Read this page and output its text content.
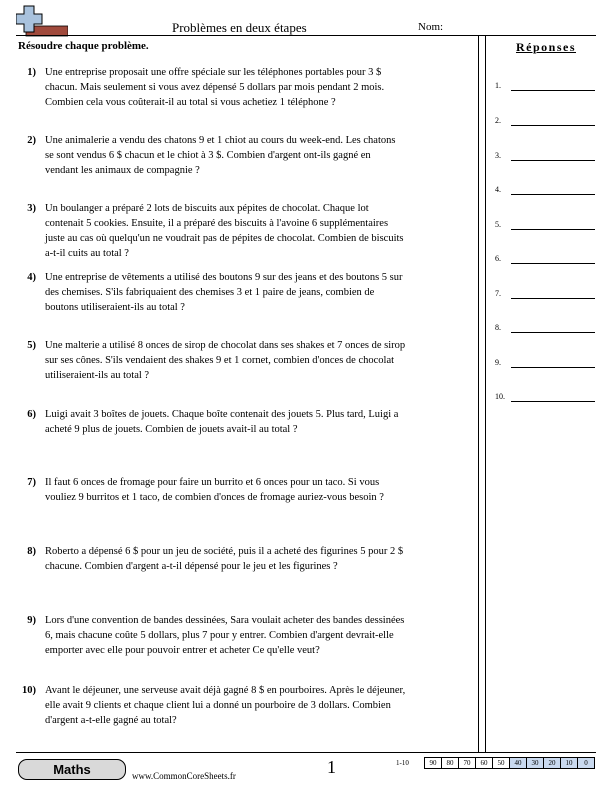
Problèmes en deux étapes	Nom:
Résoudre chaque problème.
1) Une entreprise proposait une offre spéciale sur les téléphones portables pour 3 $ chacun. Mais seulement si vous avez dépensé 5 dollars par mois pendant 2 mois. Combien cela vous coûterait-il au total si vous achetiez 1 téléphone ?
2) Une animalerie a vendu des chatons 9 et 1 chiot au cours du week-end. Les chatons se sont vendus 6 $ chacun et le chiot à 3 $. Combien d'argent ont-ils gagné en vendant les animaux de compagnie ?
3) Un boulanger a préparé 2 lots de biscuits aux pépites de chocolat. Chaque lot contenait 5 cookies. Ensuite, il a préparé des biscuits à l'avoine 6 supplémentaires juste au cas où quelqu'un ne voudrait pas de pépites de chocolat. Combien de biscuits a-t-il cuits au total ?
4) Une entreprise de vêtements a utilisé des boutons 9 sur des jeans et des boutons 5 sur des chemises. S'ils fabriquaient des chemises 3 et 1 paire de jeans, combien de boutons utiliseraient-ils au total ?
5) Une malterie a utilisé 8 onces de sirop de chocolat dans ses shakes et 7 onces de sirop sur ses cônes. S'ils vendaient des shakes 9 et 1 cornet, combien d'onces de chocolat utiliseraient-ils au total ?
6) Luigi avait 3 boîtes de jouets. Chaque boîte contenait des jouets 5. Plus tard, Luigi a acheté 9 plus de jouets. Combien de jouets avait-il au total ?
7) Il faut 6 onces de fromage pour faire un burrito et 6 onces pour un taco. Si vous vouliez 9 burritos et 1 taco, de combien d'onces de fromage auriez-vous besoin ?
8) Roberto a dépensé 6 $ pour un jeu de société, puis il a acheté des figurines 5 pour 2 $ chacune. Combien d'argent a-t-il dépensé pour le jeu et les figurines ?
9) Lors d'une convention de bandes dessinées, Sara voulait acheter des bandes dessinées 6, mais chacune coûte 5 dollars, plus 7 pour y entrer. Combien d'argent devrait-elle emporter avec elle pour pouvoir entrer et acheter Ce qu'elle veut?
10) Avant le déjeuner, une serveuse avait déjà gagné 8 $ en pourboires. Après le déjeuner, elle avait 9 clients et chaque client lui a donné un pourboire de 3 dollars. Combien d'argent a-t-elle gagné au total?
Réponses
1.
2.
3.
4.
5.
6.
7.
8.
9.
10.
Maths	www.CommonCoreSheets.fr	1	1-10	90	80	70	60	50	40	30	20	10	0
